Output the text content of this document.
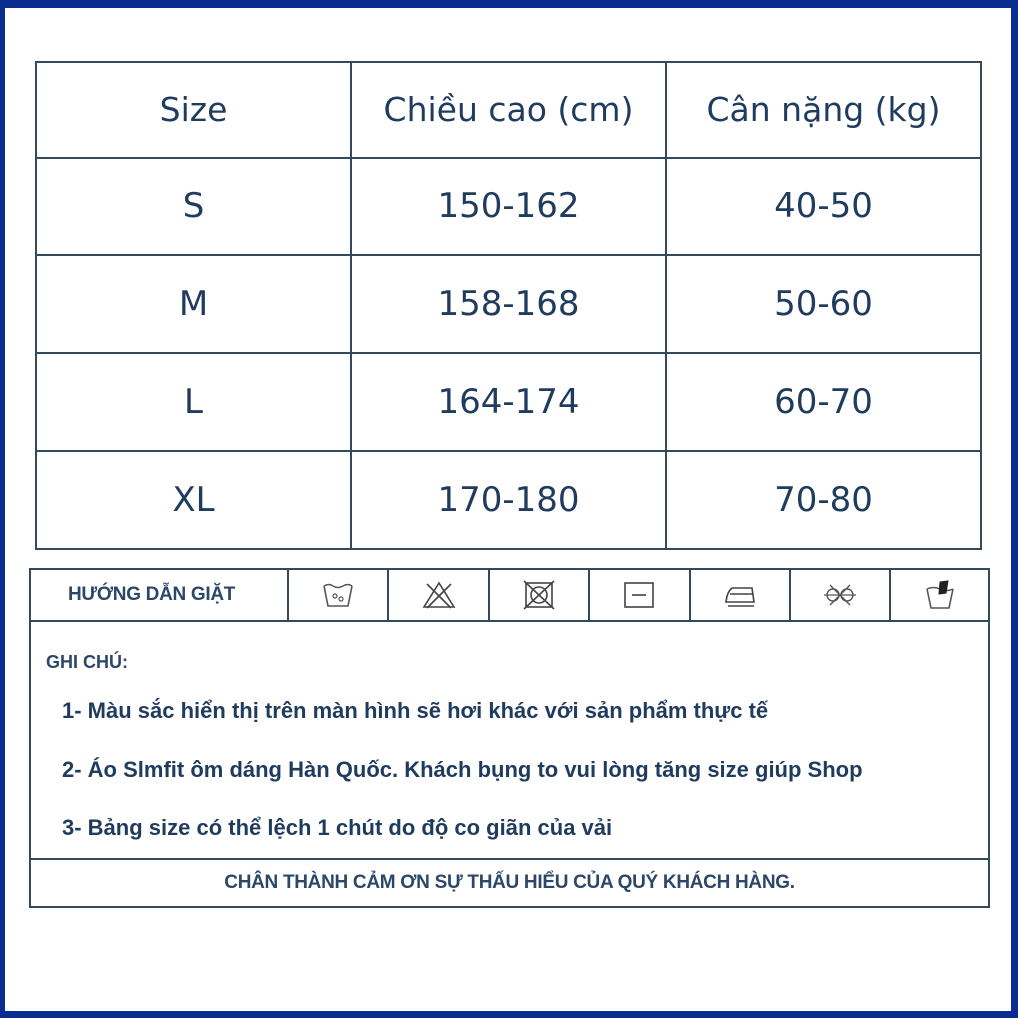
Size	Chiều cao (cm)	Cân nặng (kg)
S	150-162	40-50
M	158-168	50-60
L	164-174	60-70
XL	170-180	70-80
HƯỚNG DẪN GIẶT
GHI CHÚ:
1- Màu sắc hiển thị trên màn hình sẽ hơi khác với sản phẩm thực tế
2- Áo Slmfit ôm dáng Hàn Quốc. Khách bụng to vui lòng tăng size giúp Shop
3- Bảng size có thể lệch 1 chút do độ co giãn của vải
CHÂN THÀNH CẢM ƠN SỰ THẤU HIỂU CỦA QUÝ KHÁCH HÀNG.
